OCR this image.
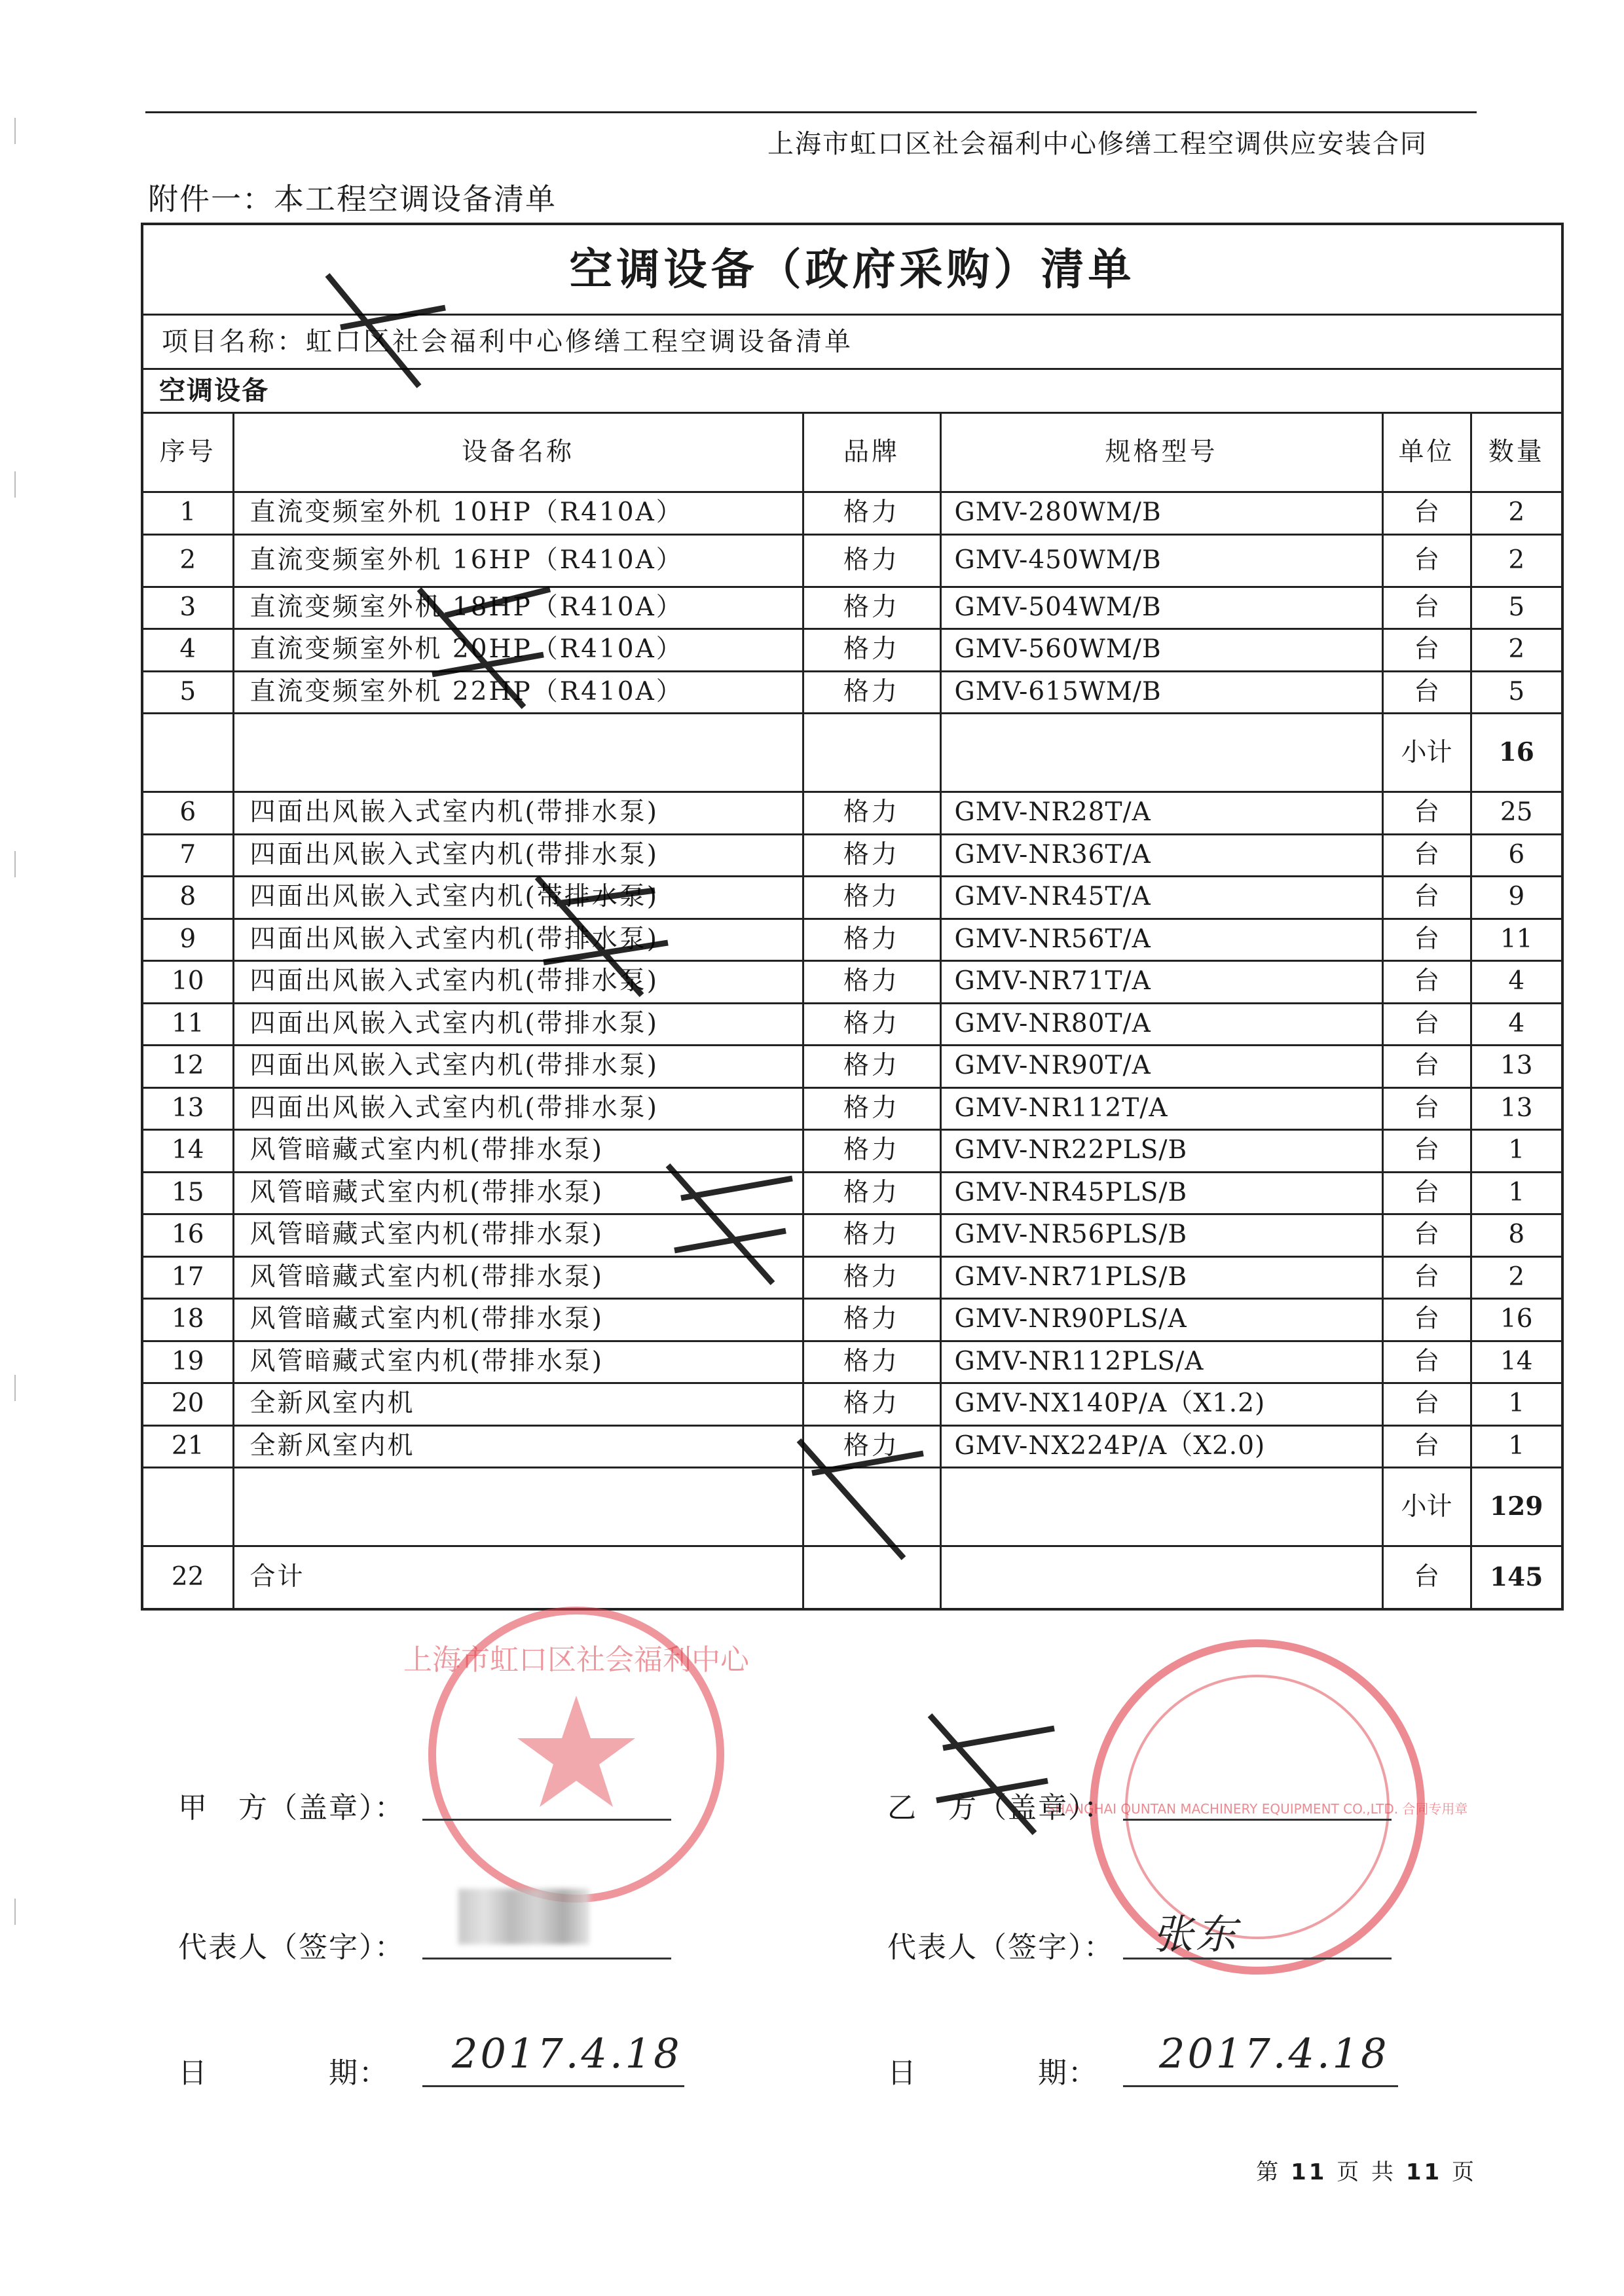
上海市虹口区社会福利中心修缮工程空调供应安装合同
附件一：本工程空调设备清单
空调设备（政府采购）清单
项目名称：虹口区社会福利中心修缮工程空调设备清单
空调设备
序号	设备名称	品牌	规格型号	单位	数量
1	直流变频室外机 10HP（R410A）	格力	GMV-280WM/B	台	2
2	直流变频室外机 16HP（R410A）	格力	GMV-450WM/B	台	2
3	直流变频室外机 18HP（R410A）	格力	GMV-504WM/B	台	5
4	直流变频室外机 20HP（R410A）	格力	GMV-560WM/B	台	2
5	直流变频室外机 22HP（R410A）	格力	GMV-615WM/B	台	5
				小计	16
6	四面出风嵌入式室内机(带排水泵)	格力	GMV-NR28T/A	台	25
7	四面出风嵌入式室内机(带排水泵)	格力	GMV-NR36T/A	台	6
8	四面出风嵌入式室内机(带排水泵)	格力	GMV-NR45T/A	台	9
9	四面出风嵌入式室内机(带排水泵)	格力	GMV-NR56T/A	台	11
10	四面出风嵌入式室内机(带排水泵)	格力	GMV-NR71T/A	台	4
11	四面出风嵌入式室内机(带排水泵)	格力	GMV-NR80T/A	台	4
12	四面出风嵌入式室内机(带排水泵)	格力	GMV-NR90T/A	台	13
13	四面出风嵌入式室内机(带排水泵)	格力	GMV-NR112T/A	台	13
14	风管暗藏式室内机(带排水泵)	格力	GMV-NR22PLS/B	台	1
15	风管暗藏式室内机(带排水泵)	格力	GMV-NR45PLS/B	台	1
16	风管暗藏式室内机(带排水泵)	格力	GMV-NR56PLS/B	台	8
17	风管暗藏式室内机(带排水泵)	格力	GMV-NR71PLS/B	台	2
18	风管暗藏式室内机(带排水泵)	格力	GMV-NR90PLS/A	台	16
19	风管暗藏式室内机(带排水泵)	格力	GMV-NR112PLS/A	台	14
20	全新风室内机	格力	GMV-NX140P/A（X1.2)	台	1
21	全新风室内机	格力	GMV-NX224P/A（X2.0)	台	1
				小计	129
22	合计			台	145
上海市虹口区社会福利中心
SHANGHAI QUNTAN MACHINERY EQUIPMENT CO.,LTD. 合同专用章
甲　方（盖章）：	乙　方（盖章）：
代表人（签字）：	代表人（签字）： 张东
日　　　　期： 2017.4.18	日　　　　期： 2017.4.18
第 11 页 共 11 页
